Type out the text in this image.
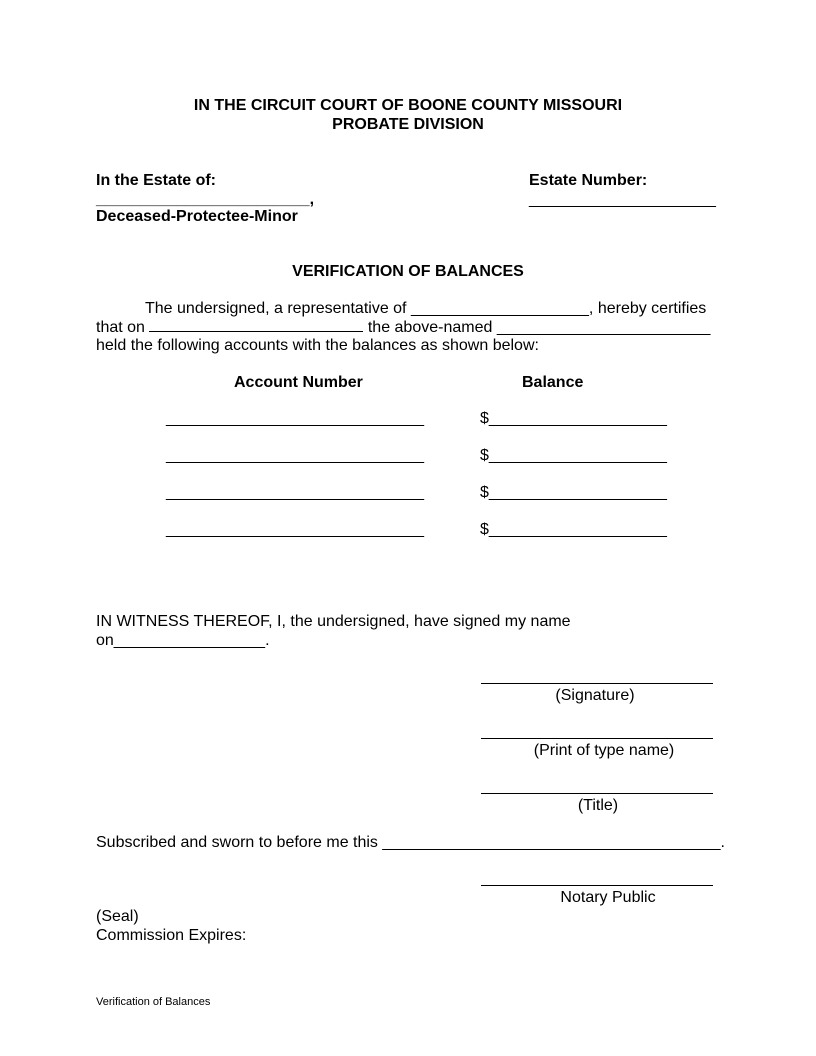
IN THE CIRCUIT COURT OF BOONE COUNTY MISSOURI
PROBATE DIVISION
In the Estate of:
________________________,
Deceased-Protectee-Minor
Estate Number:
_____________________
VERIFICATION OF BALANCES
The undersigned, a representative of ____________________, hereby certifies
that on	the above-named ________________________
held the following accounts with the balances as shown below:
Account Number	Balance
_____________________________	$____________________
_____________________________	$____________________
_____________________________	$____________________
_____________________________	$____________________
IN WITNESS THEREOF, I, the undersigned, have signed my name
on_________________.
(Signature)
(Print of type name)
(Title)
Subscribed and sworn to before me this ______________________________________.
Notary Public
(Seal)
Commission Expires:
Verification of Balances
